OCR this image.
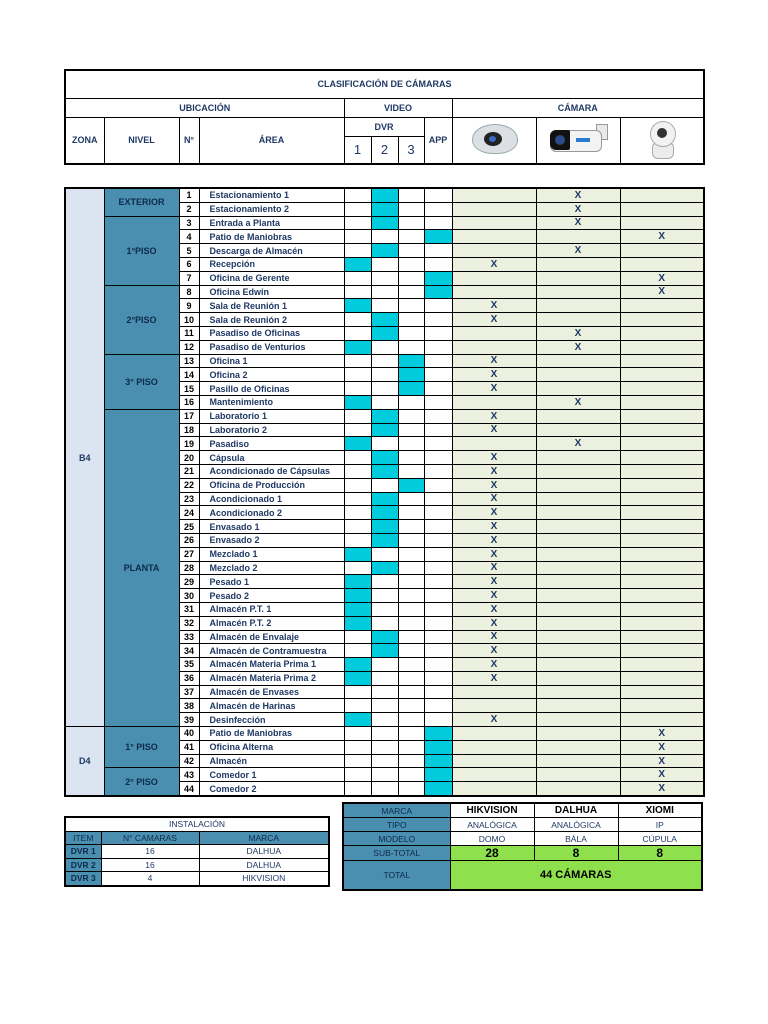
CLASIFICACIÓN DE CÁMARAS										
UBICACIÓN				VIDEO				CÁMARA		
ZONA	NIVEL	N°	ÁREA	DVR			APP	

				1	2	3				
B4	EXTERIOR	1	Estacionamiento 1						X	
		2	Estacionamiento 2						X	
	1°PISO	3	Entrada a Planta						X	
		4	Patio de Maniobras							X
		5	Descarga de Almacén						X	
		6	Recepción					X		
		7	Oficina de Gerente							X
	2°PISO	8	Oficina Edwin							X
		9	Sala de Reunión 1					X		
		10	Sala de Reunión 2					X		
		11	Pasadiso de Oficinas						X	
		12	Pasadiso de Venturios						X	
	3° PISO	13	Oficina 1					X		
		14	Oficina 2					X		
		15	Pasillo de Oficinas					X		
		16	Mantenimiento						X	
	PLANTA	17	Laboratorio 1					X		
		18	Laboratorio 2					X		
		19	Pasadiso						X	
		20	Cápsula					X		
		21	Acondicionado de Cápsulas					X		
		22	Oficina de Producción					X		
		23	Acondicionado 1					X		
		24	Acondicionado 2					X		
		25	Envasado 1					X		
		26	Envasado 2					X		
		27	Mezclado 1					X		
		28	Mezclado 2					X		
		29	Pesado 1					X		
		30	Pesado 2					X		
		31	Almacén P.T. 1					X		
		32	Almacén P.T. 2					X		
		33	Almacén de Envalaje					X		
		34	Almacén de Contramuestra					X		
		35	Almacén Materia Prima 1					X		
		36	Almacén Materia Prima 2					X		
		37	Almacén de Envases							
		38	Almacén de Harinas							
		39	Desinfección					X		
D4	1° PISO	40	Patio de Maniobras							X
		41	Oficina Alterna							X
		42	Almacén							X
	2° PISO	43	Comedor 1							X
		44	Comedor 2							X
MARCA	HIKVISION	DALHUA	XIOMI
TIPO	ANALÓGICA	ANALÓGICA	IP
MODELO	DOMO	BÁLA	CÚPULA
SUB-TOTAL	28	8	8
TOTAL	44 CÁMARAS		
INSTALACIÓN		
ITEM	N° CAMARAS	MARCA
DVR 1	16	DALHUA
DVR 2	16	DALHUA
DVR 3	4	HIKVISION
